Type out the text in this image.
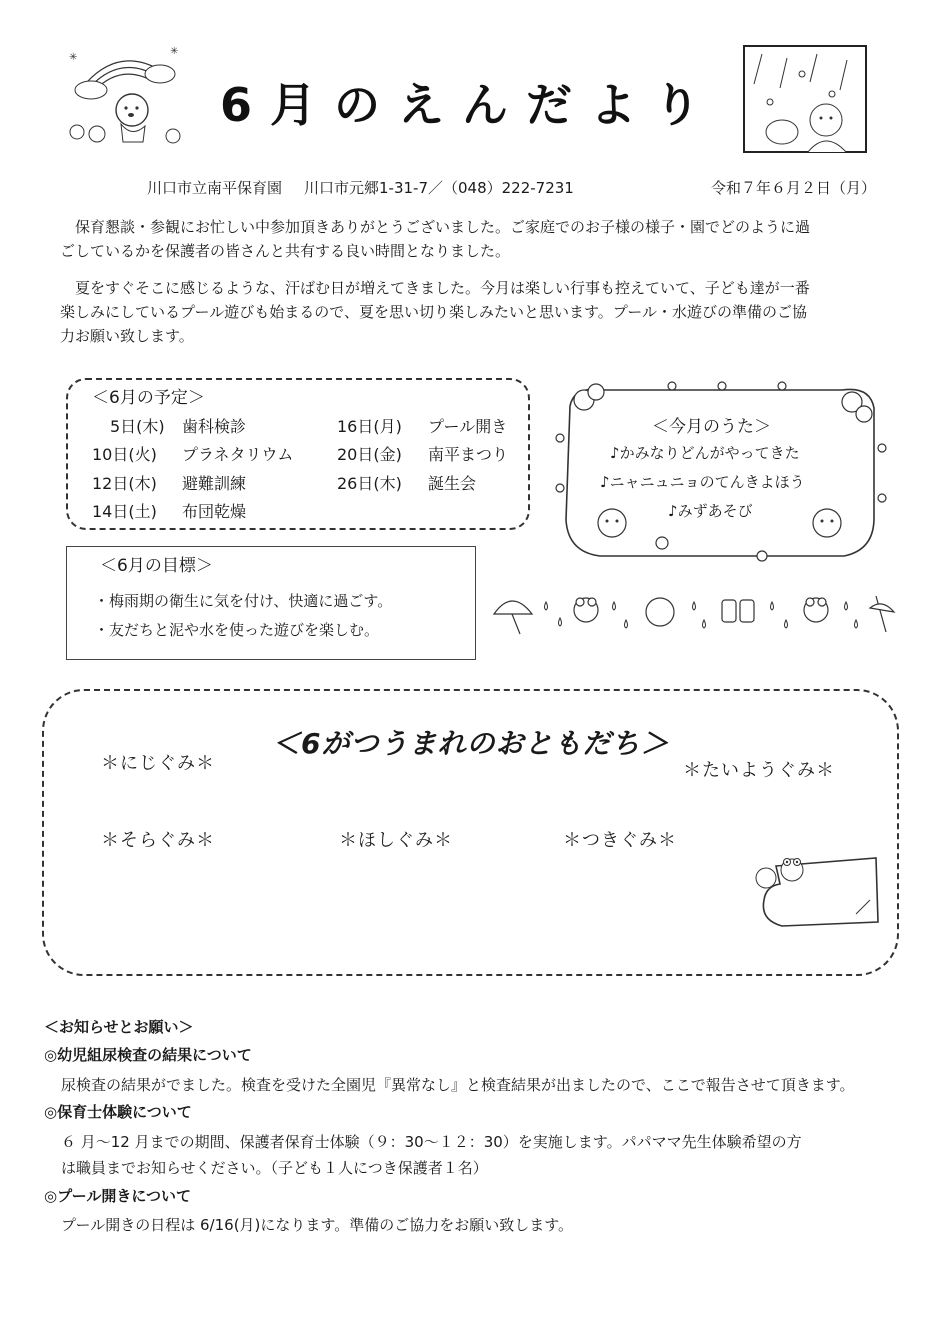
✳
✳
6月のえんだより
川口市立南平保育園 川口市元郷1-31-7／（048）222-7231	令和７年６月２日（月）
保育懇談・参観にお忙しい中参加頂きありがとうございました。ご家庭でのお子様の様子・園でどのように過
ごしているかを保護者の皆さんと共有する良い時間となりました。
夏をすぐそこに感じるような、汗ばむ日が増えてきました。今月は楽しい行事も控えていて、子ども達が一番
楽しみにしているプール遊びも始まるので、夏を思い切り楽しみたいと思います。プール・水遊びの準備のご協
力お願い致します。
＜6月の予定＞
5日(木) 歯科検診
10日(火) プラネタリウム
12日(木) 避難訓練
14日(土) 布団乾燥
16日(月) プール開き
20日(金) 南平まつり
26日(木) 誕生会
＜今月のうた＞
♪かみなりどんがやってきた
♪ニャニュニョのてんきよほう
♪みずあそび
＜6月の目標＞
・梅雨期の衛生に気を付け、快適に過ごす。
・友だちと泥や水を使った遊びを楽しむ。
＜6がつうまれのおともだち＞
＊にじぐみ＊	＊たいようぐみ＊
＊そらぐみ＊	＊ほしぐみ＊	＊つきぐみ＊
＜お知らせとお願い＞
◎幼児組尿検査の結果について
尿検査の結果がでました。検査を受けた全園児『異常なし』と検査結果が出ましたので、ここで報告させて頂きます。
◎保育士体験について
６ 月～12 月までの期間、保護者保育士体験（９：30～１２：30）を実施します。パパママ先生体験希望の方
は職員までお知らせください。（子ども１人につき保護者１名）
◎プール開きについて
プール開きの日程は 6/16(月)になります。準備のご協力をお願い致します。
